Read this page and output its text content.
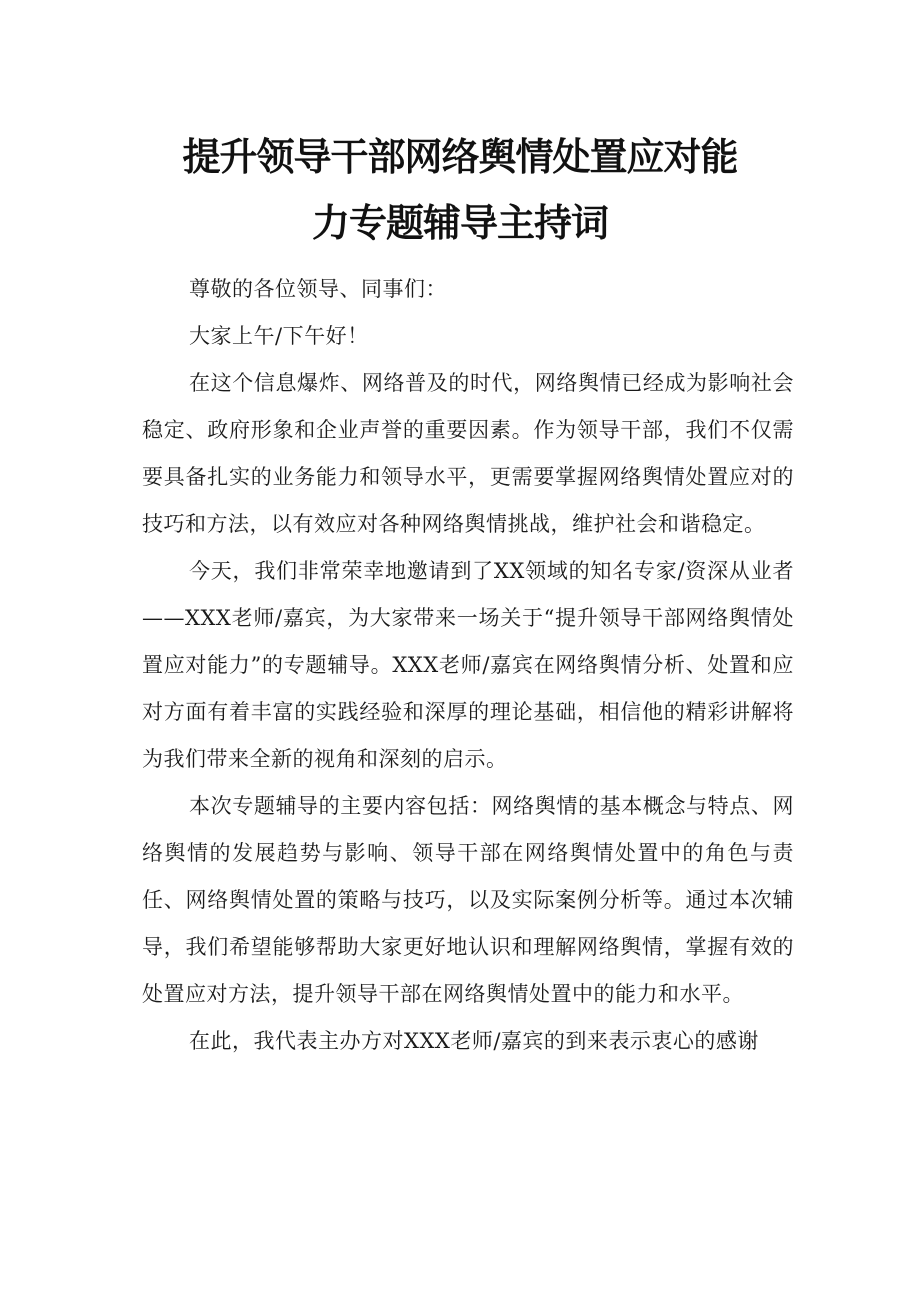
提升领导干部网络舆情处置应对能
力专题辅导主持词

尊敬的各位领导、同事们：

大家上午/下午好！

在这个信息爆炸、网络普及的时代，网络舆情已经成为影响社会稳定、政府形象和企业声誉的重要因素。作为领导干部，我们不仅需要具备扎实的业务能力和领导水平，更需要掌握网络舆情处置应对的技巧和方法，以有效应对各种网络舆情挑战，维护社会和谐稳定。

今天，我们非常荣幸地邀请到了XX领域的知名专家/资深从业者——XXX老师/嘉宾，为大家带来一场关于“提升领导干部网络舆情处置应对能力”的专题辅导。XXX老师/嘉宾在网络舆情分析、处置和应对方面有着丰富的实践经验和深厚的理论基础，相信他的精彩讲解将为我们带来全新的视角和深刻的启示。

本次专题辅导的主要内容包括：网络舆情的基本概念与特点、网络舆情的发展趋势与影响、领导干部在网络舆情处置中的角色与责任、网络舆情处置的策略与技巧，以及实际案例分析等。通过本次辅导，我们希望能够帮助大家更好地认识和理解网络舆情，掌握有效的处置应对方法，提升领导干部在网络舆情处置中的能力和水平。

在此，我代表主办方对XXX老师/嘉宾的到来表示衷心的感谢
